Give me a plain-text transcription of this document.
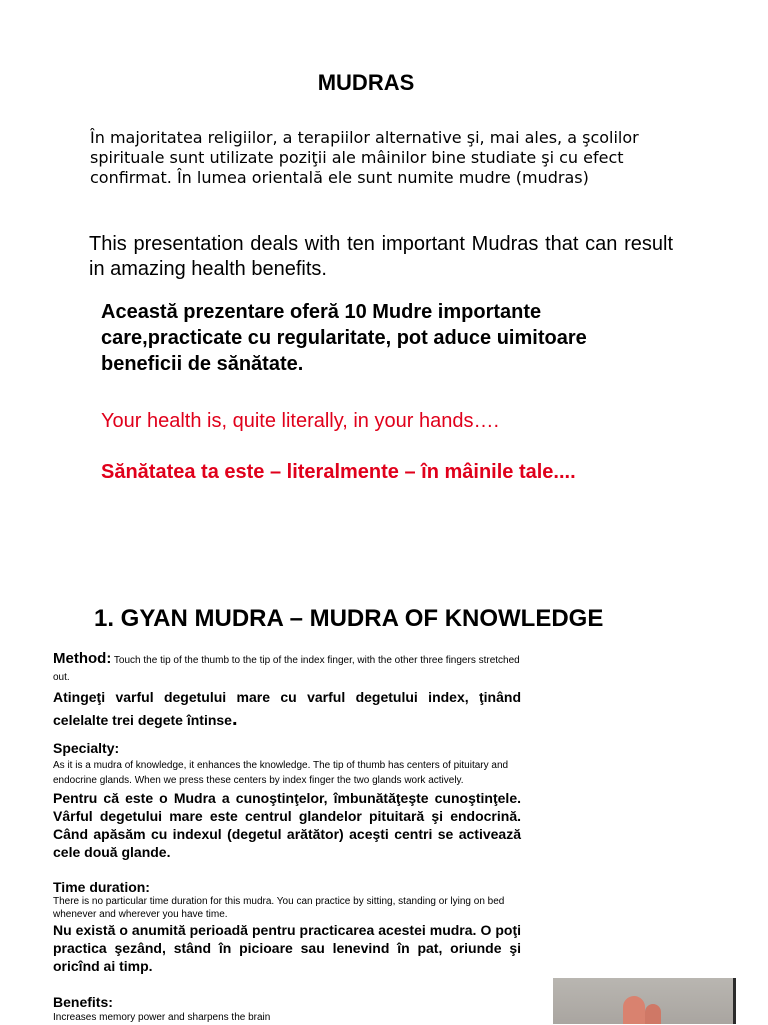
MUDRAS

În majoritatea religiilor, a terapiilor alternative şi, mai ales, a şcolilor spirituale sunt utilizate poziţii ale mâinilor bine studiate şi cu efect confirmat. În lumea orientală ele sunt numite mudre (mudras)

This presentation deals with ten important Mudras that can result in amazing health benefits.

Această prezentare oferă 10 Mudre importante care,practicate cu regularitate, pot aduce uimitoare beneficii de sănătate.

Your health is, quite literally, in your hands….

Sănătatea ta este – literalmente – în mâinile tale....

1. GYAN MUDRA – MUDRA OF KNOWLEDGE
Method: Touch the tip of the thumb to the tip of the index finger, with the other three fingers stretched out.
Atingeţi varful degetului mare cu varful degetului index, ţinând celelalte trei degete întinse.
Specialty:
As it is a mudra of knowledge, it enhances the knowledge. The tip of thumb has centers of pituitary and endocrine glands. When we press these centers by index finger the two glands work actively.
Pentru că este o Mudra a cunoştinţelor, îmbunătăţeşte cunoştinţele. Vârful degetului mare este centrul glandelor pituitară şi endocrină. Când apăsăm cu indexul (degetul arătător) aceşti centri se activează cele două glande.
Time duration:
There is no particular time duration for this mudra. You can practice by sitting, standing or lying on bed whenever and wherever you have time.
Nu există o anumită perioadă pentru practicarea acestei mudra. O poţi practica şezând, stând în picioare sau lenevind în pat, oriunde şi oricînd ai timp.
Benefits:
Increases memory power and sharpens the brain
